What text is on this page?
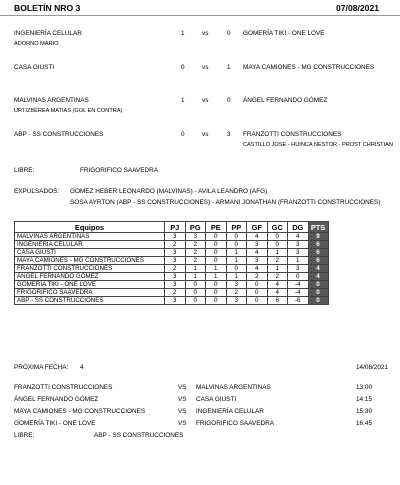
BOLETÍN NRO 3	07/08/2021
INGENIERÍA CELULAR	1	vs	0 GOMERÍA TIKI - ONE LOVE
ADORNO MARIO
CASA GIUSTI	0	vs	1 MAYA CAMIONES - MG CONSTRUCCIONES
MALVINAS ARGENTINAS	1	vs	0 ÁNGEL FERNANDO GÓMEZ
URTIZBEREA MATIAS (GOL EN CONTRA)
ABP - SS CONSTRUCCIONES	0	vs	3 FRANZOTTI CONSTRUCCIONES
CASTILLO JOSE - HUINCA NESTOR - PROST CHRISTIAN
LIBRE:	FRIGORIFICO SAAVEDRA
EXPULSADOS: GOMEZ HEBER LEONARDO (MALVINAS) - AVILA LEANDRO (AFG)
SOSA AYRTON (ABP - SS CONSTRUCCIONES) - ARMANI JONATHAN (FRANZOTTI CONSTRUCCIONES)
Equipos	PJ	PG	PE	PP	GF	GC	DG	PTS
MALVINAS ARGENTINAS	3	3	0	0	4	0	4	9
INGENIERÍA CELULAR	2	2	0	0	3	0	3	6
CASA GIUSTI	3	2	0	1	4	1	3	6
MAYA CAMIONES - MG CONSTRUCCIONES	3	2	0	1	3	2	1	6
FRANZOTTI CONSTRUCCIONES	2	1	1	0	4	1	3	4
ÁNGEL FERNANDO GÓMEZ	3	1	1	1	2	2	0	4
GOMERÍA TIKI - ONE LOVE	3	0	0	3	0	4	-4	0
FRIGORIFICO SAAVEDRA	2	0	0	2	0	4	-4	0
ABP - SS CONSTRUCCIONES	3	0	0	3	0	6	-6	0
PRÓXIMA FECHA: 4	14/08/2021
FRANZOTTI CONSTRUCCIONES	VS MALVINAS ARGENTINAS	13:00
ÁNGEL FERNANDO GÓMEZ	VS CASA GIUSTI	14:15
MAYA CAMIONES - MG CONSTRUCCIONES	VS INGENIERÍA CELULAR	15:30
GOMERÍA TIKI - ONE LOVE	VS FRIGORIFICO SAAVEDRA	16:45
LIBRE:	ABP - SS CONSTRUCCIONES
